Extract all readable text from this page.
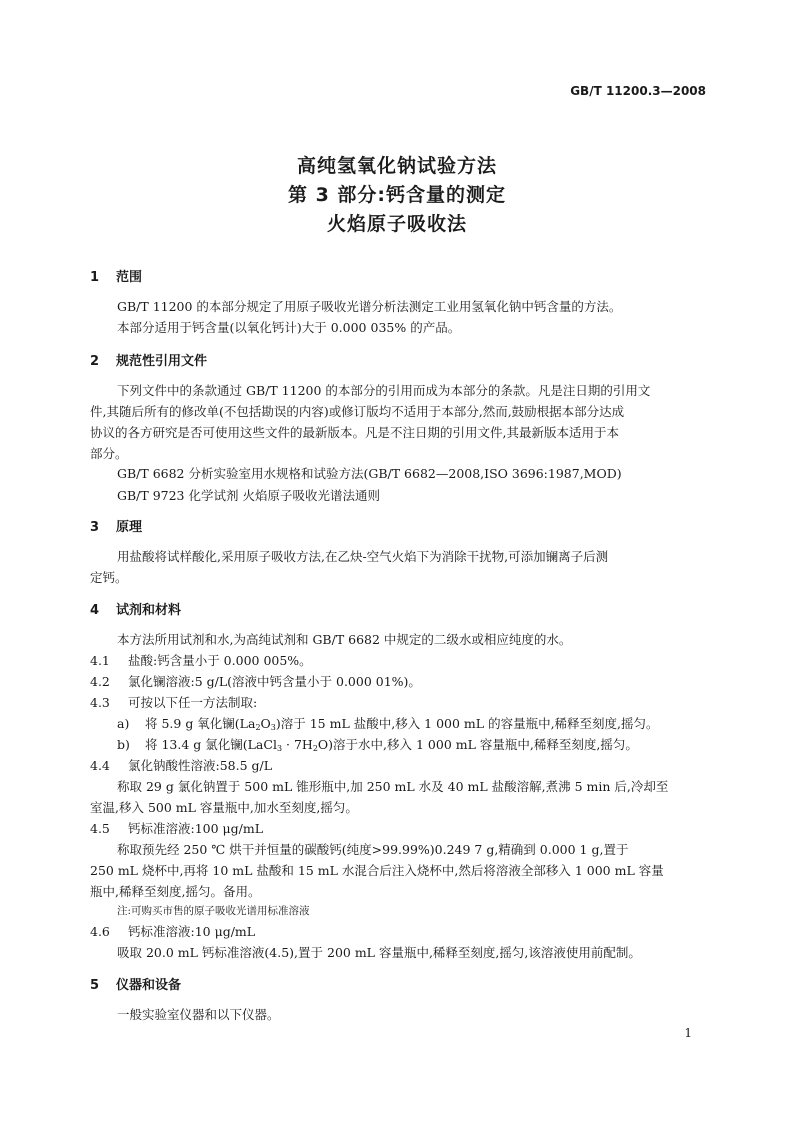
GB/T 11200.3—2008
高纯氢氧化钠试验方法
第 3 部分:钙含量的测定
火焰原子吸收法
1 范围
GB/T 11200 的本部分规定了用原子吸收光谱分析法测定工业用氢氧化钠中钙含量的方法。
本部分适用于钙含量(以氧化钙计)大于 0.000 035% 的产品。
2 规范性引用文件
下列文件中的条款通过 GB/T 11200 的本部分的引用而成为本部分的条款。凡是注日期的引用文
件,其随后所有的修改单(不包括勘误的内容)或修订版均不适用于本部分,然而,鼓励根据本部分达成
协议的各方研究是否可使用这些文件的最新版本。凡是不注日期的引用文件,其最新版本适用于本
部分。
GB/T 6682 分析实验室用水规格和试验方法(GB/T 6682—2008,ISO 3696:1987,MOD)
GB/T 9723 化学试剂 火焰原子吸收光谱法通则
3 原理
用盐酸将试样酸化,采用原子吸收方法,在乙炔-空气火焰下为消除干扰物,可添加镧离子后测
定钙。
4 试剂和材料
本方法所用试剂和水,为高纯试剂和 GB/T 6682 中规定的二级水或相应纯度的水。
4.1 盐酸:钙含量小于 0.000 005%。
4.2 氯化镧溶液:5 g/L(溶液中钙含量小于 0.000 01%)。
4.3 可按以下任一方法制取:
a) 将 5.9 g 氧化镧$(La_2O_3)$溶于 15 mL 盐酸中,移入 1 000 mL 的容量瓶中,稀释至刻度,摇匀。
b) 将 13.4 g 氯化镧(LaCl$_3$ · $7H_2O$)溶于水中,移入 1 000 mL 容量瓶中,稀释至刻度,摇匀。
4.4 氯化钠酸性溶液:58.5 g/L
称取 29 g 氯化钠置于 500 mL 锥形瓶中,加 250 mL 水及 40 mL 盐酸溶解,煮沸 5 min 后,冷却至
室温,移入 500 mL 容量瓶中,加水至刻度,摇匀。
4.5 钙标准溶液:100 μg/mL
称取预先经 250 ℃ 烘干并恒量的碳酸钙(纯度>99.99%)0.249 7 g,精确到 0.000 1 g,置于
250 mL 烧杯中,再将 10 mL 盐酸和 15 mL 水混合后注入烧杯中,然后将溶液全部移入 1 000 mL 容量
瓶中,稀释至刻度,摇匀。备用。
注:可购买市售的原子吸收光谱用标准溶液
4.6 钙标准溶液:10 μg/mL
吸取 20.0 mL 钙标准溶液(4.5),置于 200 mL 容量瓶中,稀释至刻度,摇匀,该溶液使用前配制。
5 仪器和设备
一般实验室仪器和以下仪器。
1
